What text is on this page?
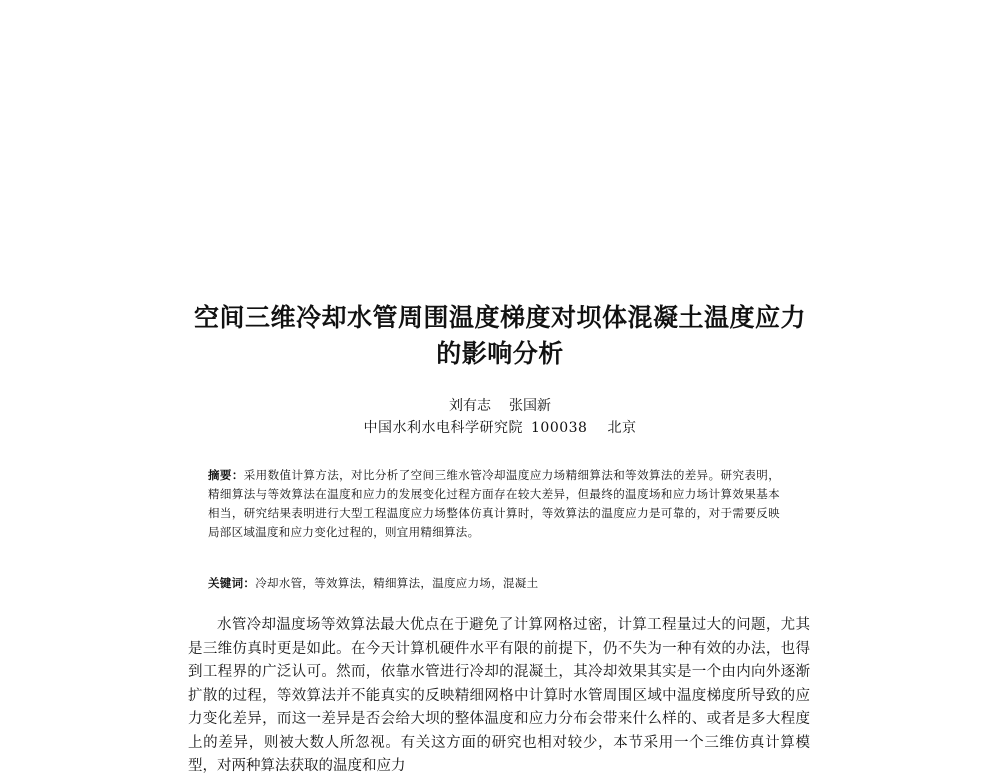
空间三维冷却水管周围温度梯度对坝体混凝土温度应力
的影响分析
刘有志 张国新
中国水利水电科学研究院 100038 北京
摘要：采用数值计算方法，对比分析了空间三维水管冷却温度应力场精细算法和等效算法的差异。研究表明，精细算法与等效算法在温度和应力的发展变化过程方面存在较大差异，但最终的温度场和应力场计算效果基本相当，研究结果表明进行大型工程温度应力场整体仿真计算时，等效算法的温度应力是可靠的，对于需要反映局部区域温度和应力变化过程的，则宜用精细算法。
关键词：冷却水管，等效算法，精细算法，温度应力场，混凝土
水管冷却温度场等效算法最大优点在于避免了计算网格过密，计算工程量过大的问题，尤其是三维仿真时更是如此。在今天计算机硬件水平有限的前提下，仍不失为一种有效的办法，也得到工程界的广泛认可。然而，依靠水管进行冷却的混凝土，其冷却效果其实是一个由内向外逐渐扩散的过程，等效算法并不能真实的反映精细网格中计算时水管周围区域中温度梯度所导致的应力变化差异，而这一差异是否会给大坝的整体温度和应力分布会带来什么样的、或者是多大程度上的差异，则被大数人所忽视。有关这方面的研究也相对较少，本节采用一个三维仿真计算模型，对两种算法获取的温度和应力
